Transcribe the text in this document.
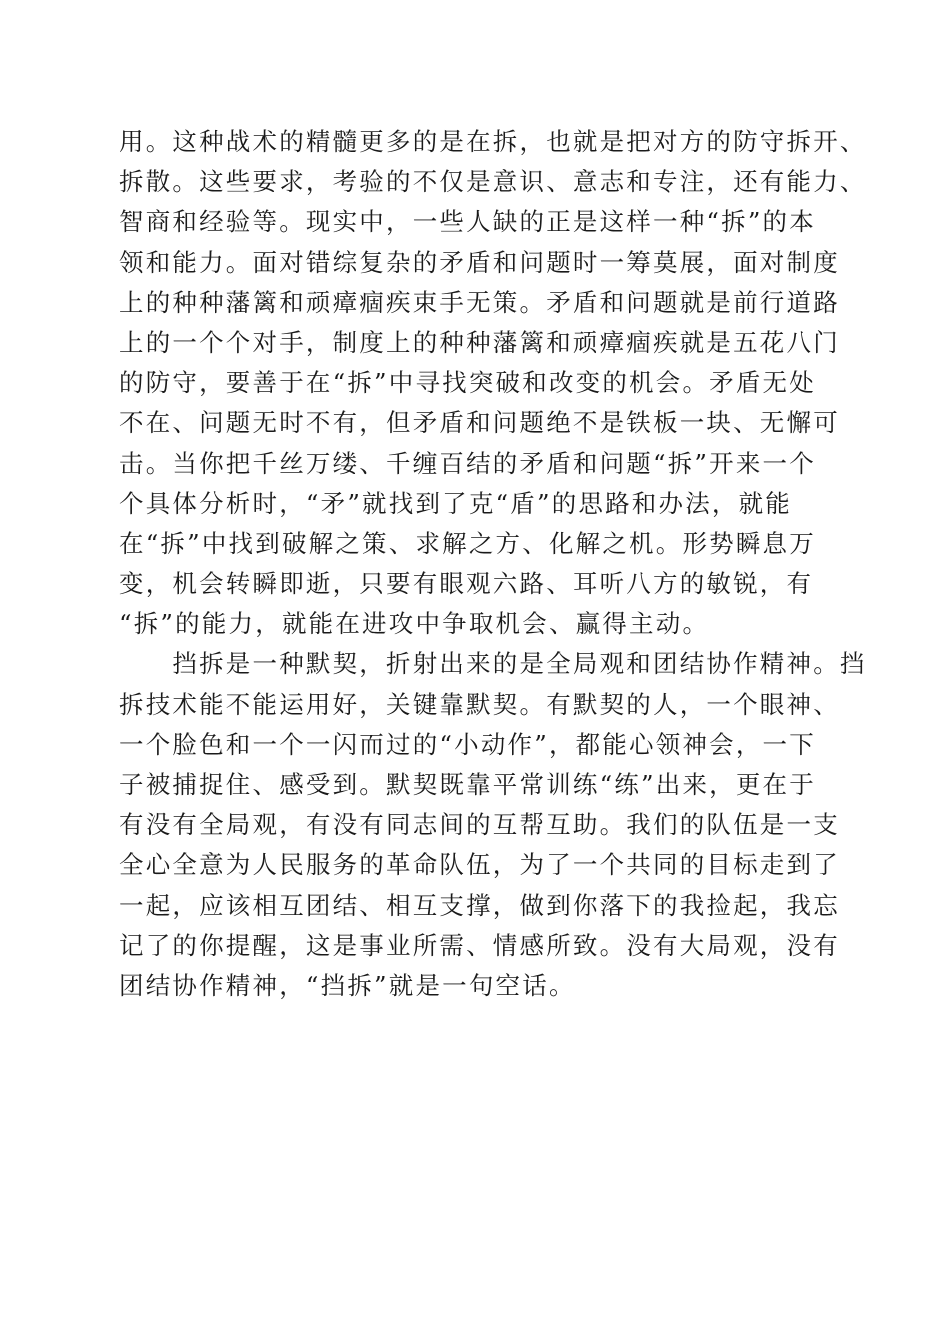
用。这种战术的精髓更多的是在拆，也就是把对方的防守拆开、
拆散。这些要求，考验的不仅是意识、意志和专注，还有能力、
智商和经验等。现实中，一些人缺的正是这样一种“拆”的本
领和能力。面对错综复杂的矛盾和问题时一筹莫展，面对制度
上的种种藩篱和顽瘴痼疾束手无策。矛盾和问题就是前行道路
上的一个个对手，制度上的种种藩篱和顽瘴痼疾就是五花八门
的防守，要善于在“拆”中寻找突破和改变的机会。矛盾无处
不在、问题无时不有，但矛盾和问题绝不是铁板一块、无懈可
击。当你把千丝万缕、千缠百结的矛盾和问题“拆”开来一个
个具体分析时，“矛”就找到了克“盾”的思路和办法，就能
在“拆”中找到破解之策、求解之方、化解之机。形势瞬息万
变，机会转瞬即逝，只要有眼观六路、耳听八方的敏锐，有
“拆”的能力，就能在进攻中争取机会、赢得主动。
　　挡拆是一种默契，折射出来的是全局观和团结协作精神。挡
拆技术能不能运用好，关键靠默契。有默契的人，一个眼神、
一个脸色和一个一闪而过的“小动作”，都能心领神会，一下
子被捕捉住、感受到。默契既靠平常训练“练”出来，更在于
有没有全局观，有没有同志间的互帮互助。我们的队伍是一支
全心全意为人民服务的革命队伍，为了一个共同的目标走到了
一起，应该相互团结、相互支撑，做到你落下的我捡起，我忘
记了的你提醒，这是事业所需、情感所致。没有大局观，没有
团结协作精神，“挡拆”就是一句空话。
